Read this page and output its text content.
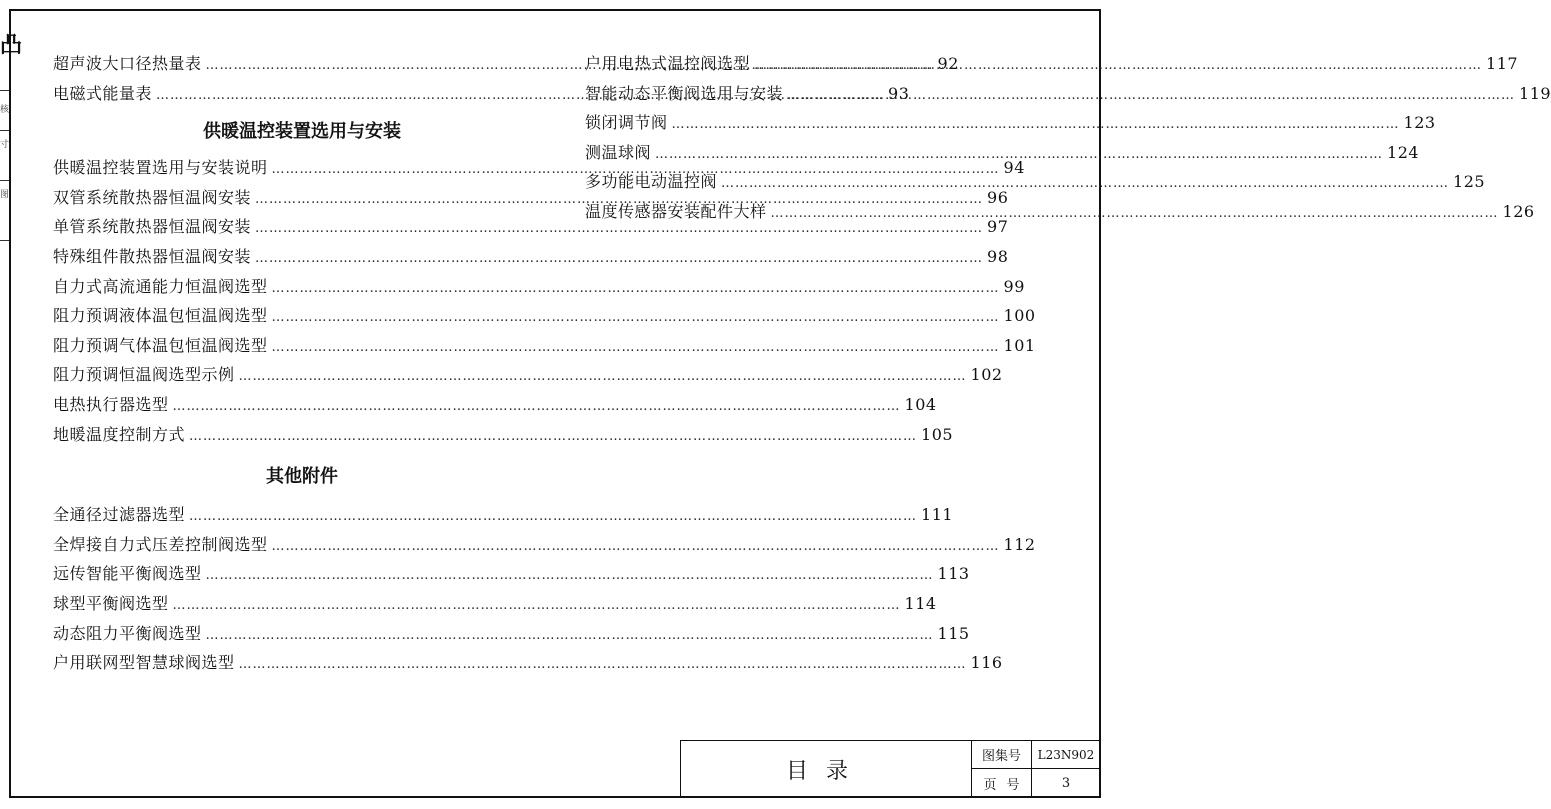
凸
核
寸
图
超声波大口径热量表 …………………………………………………………………………………………………………………………………………	92
电磁式能量表 …………………………………………………………………………………………………………………………………………	93
供暖温控装置选用与安装
供暖温控装置选用与安装说明 …………………………………………………………………………………………………………………………………………	94
双管系统散热器恒温阀安装 …………………………………………………………………………………………………………………………………………	96
单管系统散热器恒温阀安装 …………………………………………………………………………………………………………………………………………	97
特殊组件散热器恒温阀安装 …………………………………………………………………………………………………………………………………………	98
自力式高流通能力恒温阀选型 …………………………………………………………………………………………………………………………………………	99
阻力预调液体温包恒温阀选型 …………………………………………………………………………………………………………………………………………	100
阻力预调气体温包恒温阀选型 …………………………………………………………………………………………………………………………………………	101
阻力预调恒温阀选型示例 …………………………………………………………………………………………………………………………………………	102
电热执行器选型 …………………………………………………………………………………………………………………………………………	104
地暖温度控制方式 …………………………………………………………………………………………………………………………………………	105
其他附件
全通径过滤器选型 …………………………………………………………………………………………………………………………………………	111
全焊接自力式压差控制阀选型 …………………………………………………………………………………………………………………………………………	112
远传智能平衡阀选型 …………………………………………………………………………………………………………………………………………	113
球型平衡阀选型 …………………………………………………………………………………………………………………………………………	114
动态阻力平衡阀选型 …………………………………………………………………………………………………………………………………………	115
户用联网型智慧球阀选型 …………………………………………………………………………………………………………………………………………	116
户用电热式温控阀选型 …………………………………………………………………………………………………………………………………………	117
智能动态平衡阀选用与安装 …………………………………………………………………………………………………………………………………………	119
锁闭调节阀 …………………………………………………………………………………………………………………………………………	123
测温球阀 …………………………………………………………………………………………………………………………………………	124
多功能电动温控阀 …………………………………………………………………………………………………………………………………………	125
温度传感器安装配件大样 …………………………………………………………………………………………………………………………………………	126
目录
图集号	L23N902
页号	3
